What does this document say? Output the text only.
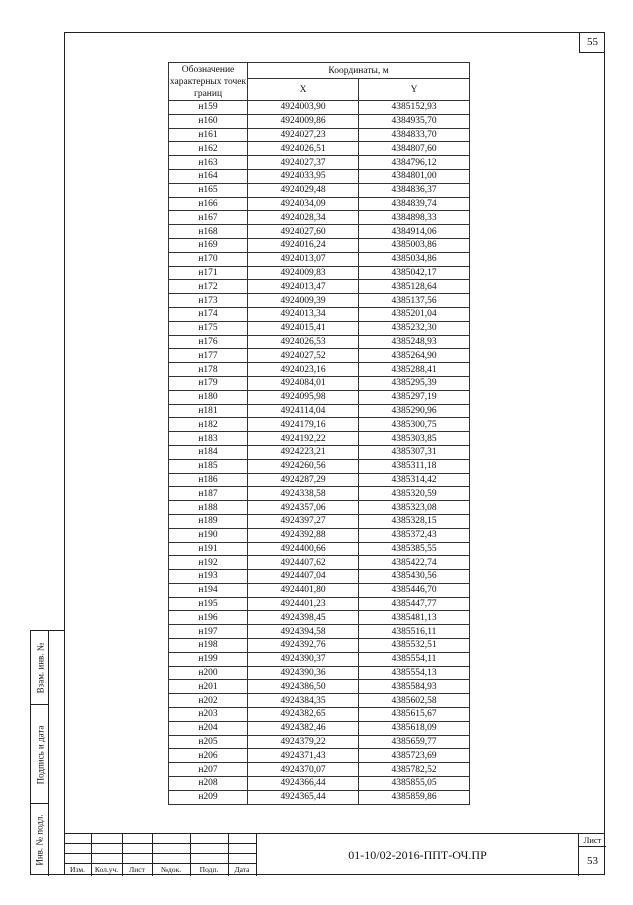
55
Взам. инв. №
Подпись и дата
Инв. № подл.
Обозначение характерных точек границ	Координаты, м	
	X	Y
н159	4924003,90	4385152,93
н160	4924009,86	4384935,70
н161	4924027,23	4384833,70
н162	4924026,51	4384807,60
н163	4924027,37	4384796,12
н164	4924033,95	4384801,00
н165	4924029,48	4384836,37
н166	4924034,09	4384839,74
н167	4924028,34	4384898,33
н168	4924027,60	4384914,06
н169	4924016,24	4385003,86
н170	4924013,07	4385034,86
н171	4924009,83	4385042,17
н172	4924013,47	4385128,64
н173	4924009,39	4385137,56
н174	4924013,34	4385201,04
н175	4924015,41	4385232,30
н176	4924026,53	4385248,93
н177	4924027,52	4385264,90
н178	4924023,16	4385288,41
н179	4924084,01	4385295,39
н180	4924095,98	4385297,19
н181	4924114,04	4385290,96
н182	4924179,16	4385300,75
н183	4924192,22	4385303,85
н184	4924223,21	4385307,31
н185	4924260,56	4385311,18
н186	4924287,29	4385314,42
н187	4924338,58	4385320,59
н188	4924357,06	4385323,08
н189	4924397,27	4385328,15
н190	4924392,88	4385372,43
н191	4924400,66	4385385,55
н192	4924407,62	4385422,74
н193	4924407,04	4385430,56
н194	4924401,80	4385446,70
н195	4924401,23	4385447,77
н196	4924398,45	4385481,13
н197	4924394,58	4385516,11
н198	4924392,76	4385532,51
н199	4924390,37	4385554,11
н200	4924390,36	4385554,13
н201	4924386,50	4385584,93
н202	4924384,35	4385602,58
н203	4924382,65	4385615,67
н204	4924382,46	4385618,09
н205	4924379,22	4385659,77
н206	4924371,43	4385723,69
н207	4924370,07	4385782,52
н208	4924366,44	4385855,05
н209	4924365,44	4385859,86
Изм.	Кол.уч.	Лист	№док.	Подп.	Дата
01-10/02-2016-ППТ-ОЧ.ПР
Лист
53
